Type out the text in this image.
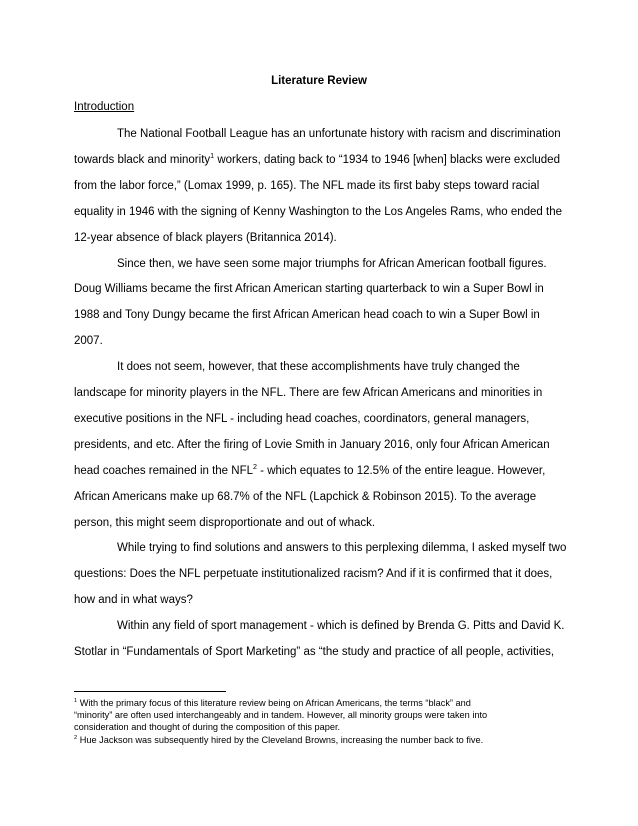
Literature Review
Introduction
The National Football League has an unfortunate history with racism and discrimination
towards black and minority$^1$ workers, dating back to “1934 to 1946 [when] blacks were excluded
from the labor force,” (Lomax 1999, p. 165). The NFL made its first baby steps toward racial
equality in 1946 with the signing of Kenny Washington to the Los Angeles Rams, who ended the
12-year absence of black players (Britannica 2014).
Since then, we have seen some major triumphs for African American football figures.
Doug Williams became the first African American starting quarterback to win a Super Bowl in
1988 and Tony Dungy became the first African American head coach to win a Super Bowl in
2007.
It does not seem, however, that these accomplishments have truly changed the
landscape for minority players in the NFL. There are few African Americans and minorities in
executive positions in the NFL - including head coaches, coordinators, general managers,
presidents, and etc. After the firing of Lovie Smith in January 2016, only four African American
head coaches remained in the NFL$^2$ - which equates to 12.5% of the entire league. However,
African Americans make up 68.7% of the NFL (Lapchick & Robinson 2015). To the average
person, this might seem disproportionate and out of whack.
While trying to find solutions and answers to this perplexing dilemma, I asked myself two
questions: Does the NFL perpetuate institutionalized racism? And if it is confirmed that it does,
how and in what ways?
Within any field of sport management - which is defined by Brenda G. Pitts and David K.
Stotlar in “Fundamentals of Sport Marketing” as “the study and practice of all people, activities,
$^1$ With the primary focus of this literature review being on African Americans, the terms “black” and
“minority” are often used interchangeably and in tandem. However, all minority groups were taken into
consideration and thought of during the composition of this paper.
$^2$ Hue Jackson was subsequently hired by the Cleveland Browns, increasing the number back to five.
